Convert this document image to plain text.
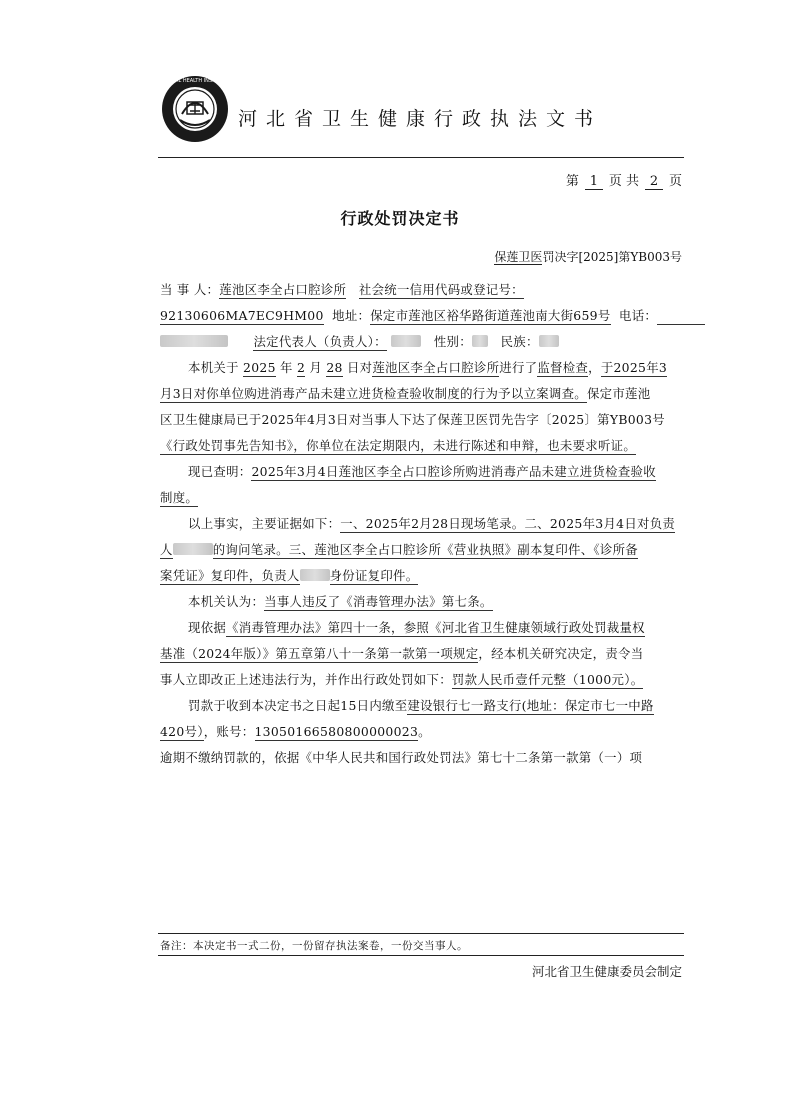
NATIONAL HEALTH INSPECTION
河北省卫生健康行政执法文书
第 1 页 共 2 页
行政处罚决定书
保莲卫医罚决字[2025]第YB003号
当 事 人：莲池区李全占口腔诊所 社会统一信用代码或登记号：
92130606MA7EC9HM00 地址：保定市莲池区裕华路街道莲池南大街659号 电话：
法定代表人（负责人）：	性别： 民族：
本机关于 2025 年 2 月 28 日对莲池区李全占口腔诊所进行了监督检查，于2025年3
月3日对你单位购进消毒产品未建立进货检查验收制度的行为予以立案调查。保定市莲池
区卫生健康局已于2025年4月3日对当事人下达了保莲卫医罚先告字〔2025〕第YB003号
《行政处罚事先告知书》，你单位在法定期限内，未进行陈述和申辩，也未要求听证。
现已查明：2025年3月4日莲池区李全占口腔诊所购进消毒产品未建立进货检查验收
制度。
以上事实，主要证据如下：一、2025年2月28日现场笔录。二、2025年3月4日对负责
人	的询问笔录。三、莲池区李全占口腔诊所《营业执照》副本复印件、《诊所备
案凭证》复印件，负责人 身份证复印件。
本机关认为：当事人违反了《消毒管理办法》第七条。
现依据《消毒管理办法》第四十一条，参照《河北省卫生健康领域行政处罚裁量权
基准（2024年版）》第五章第八十一条第一款第一项规定，经本机关研究决定，责令当
事人立即改正上述违法行为，并作出行政处罚如下：罚款人民币壹仟元整（1000元）。
罚款于收到本决定书之日起15日内缴至建设银行七一路支行(地址：保定市七一中路
420号），账号：13050166580800000023。
逾期不缴纳罚款的，依据《中华人民共和国行政处罚法》第七十二条第一款第（一）项
备注：本决定书一式二份，一份留存执法案卷，一份交当事人。
河北省卫生健康委员会制定
